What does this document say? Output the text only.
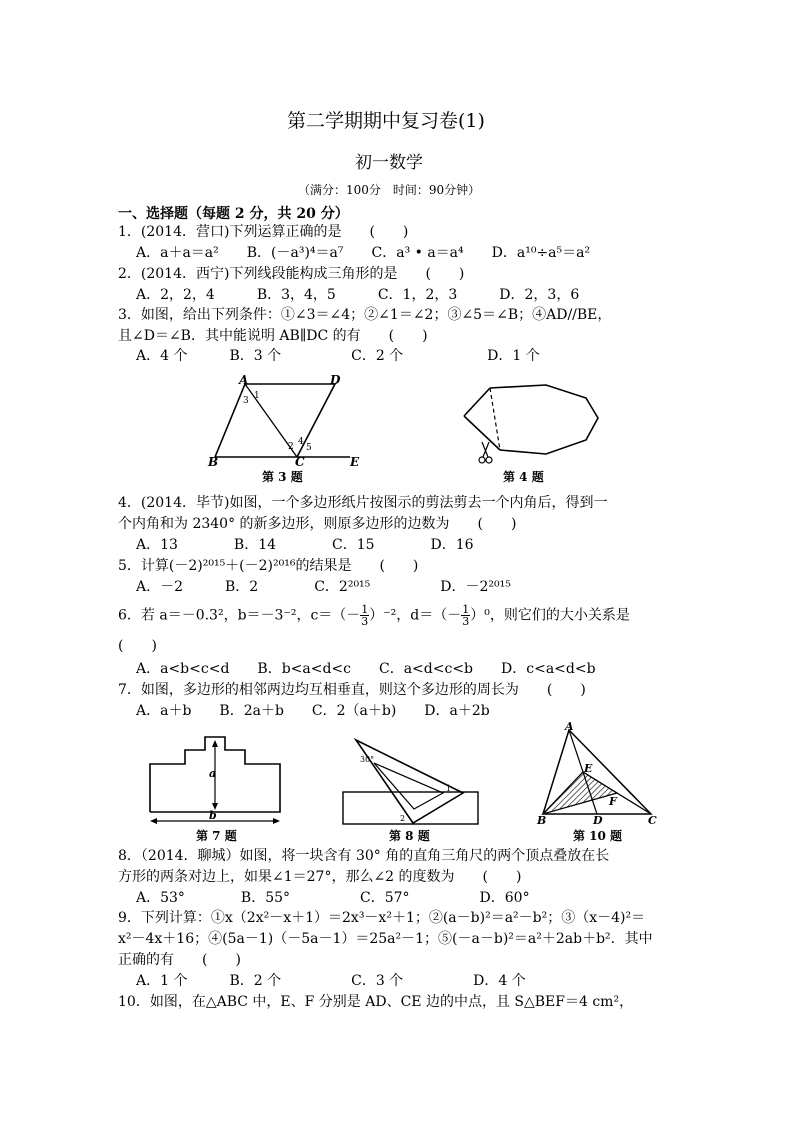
第二学期期中复习卷(1)
初一数学
（满分：100分　时间：90分钟）
一、选择题（每题 2 分，共 20 分）
1．(2014．营口)下列运算正确的是　　(　　)
A．a＋a＝a²　　B．(－a³)⁴＝a⁷　　C．a³ • a＝a⁴　　D．a¹⁰÷a⁵＝a²
2．(2014．西宁)下列线段能构成三角形的是　　(　　)
A．2，2，4　　　B．3，4，5　　　C．1，2，3　　　D．2，3，6
3．如图，给出下列条件：①∠3＝∠4；②∠1＝∠2；③∠5＝∠B；④AD//BE，
且∠D＝∠B．其中能说明 AB∥DC 的有　　(　　)
A．4 个　　　B．3 个　　　　　C．2 个　　　　　　D．1 个
A	D
B	C	E
1
3
2 4
5
第 3 题	第 4 题
4．(2014．毕节)如图，一个多边形纸片按图示的剪法剪去一个内角后，得到一
个内角和为 2340° 的新多边形，则原多边形的边数为　　(　　)
A．13　　　　B．14　　　　C．15　　　　D．16
5．计算(－2)²⁰¹⁵＋(－2)²⁰¹⁶的结果是　　(　　)
A．－2　　　B．2　　　　C．2²⁰¹⁵　　　　　D．－2²⁰¹⁵
6．若 a＝－0.3²，b＝－3⁻²，$c=(- \frac{1}{3} )^{-2}$，$d=(- \frac{1}{3} )^0$，则它们的大小关系是
(　　)
A．a<b<c<d　　B．b<a<d<c　　C．a<d<c<b　　D．c<a<d<b
7．如图，多边形的相邻两边均互相垂直，则这个多边形的周长为　　(　　)
A．a＋b　　B．2a＋b　　C．2（a＋b)　　D．a＋2b
a
b
第 7 题
30°
1
2
第 8 题
A
B	C
D
E
F
第 10 题
8．（2014．聊城）如图，将一块含有 30° 角的直角三角尺的两个顶点叠放在长
方形的两条对边上，如果∠1＝27°，那么∠2 的度数为　　(　　)
A．53°　　　　B．55°　　　　　C．57°　　　　　D．60°
9．下列计算：①x（2x²－x＋1）＝2x³－x²＋1；②(a－b)²＝a²－b²；③（x－4)²＝
x²－4x＋16；④(5a－1)（－5a－1）＝25a²－1；⑤(－a－b)²＝a²＋2ab＋b²．其中
正确的有　　(　　)
A．1 个　　　B．2 个　　　　　C．3 个　　　　　D．4 个
10．如图，在△ABC 中，E、F 分别是 AD、CE 边的中点，且 S△BEF＝4 cm²，
